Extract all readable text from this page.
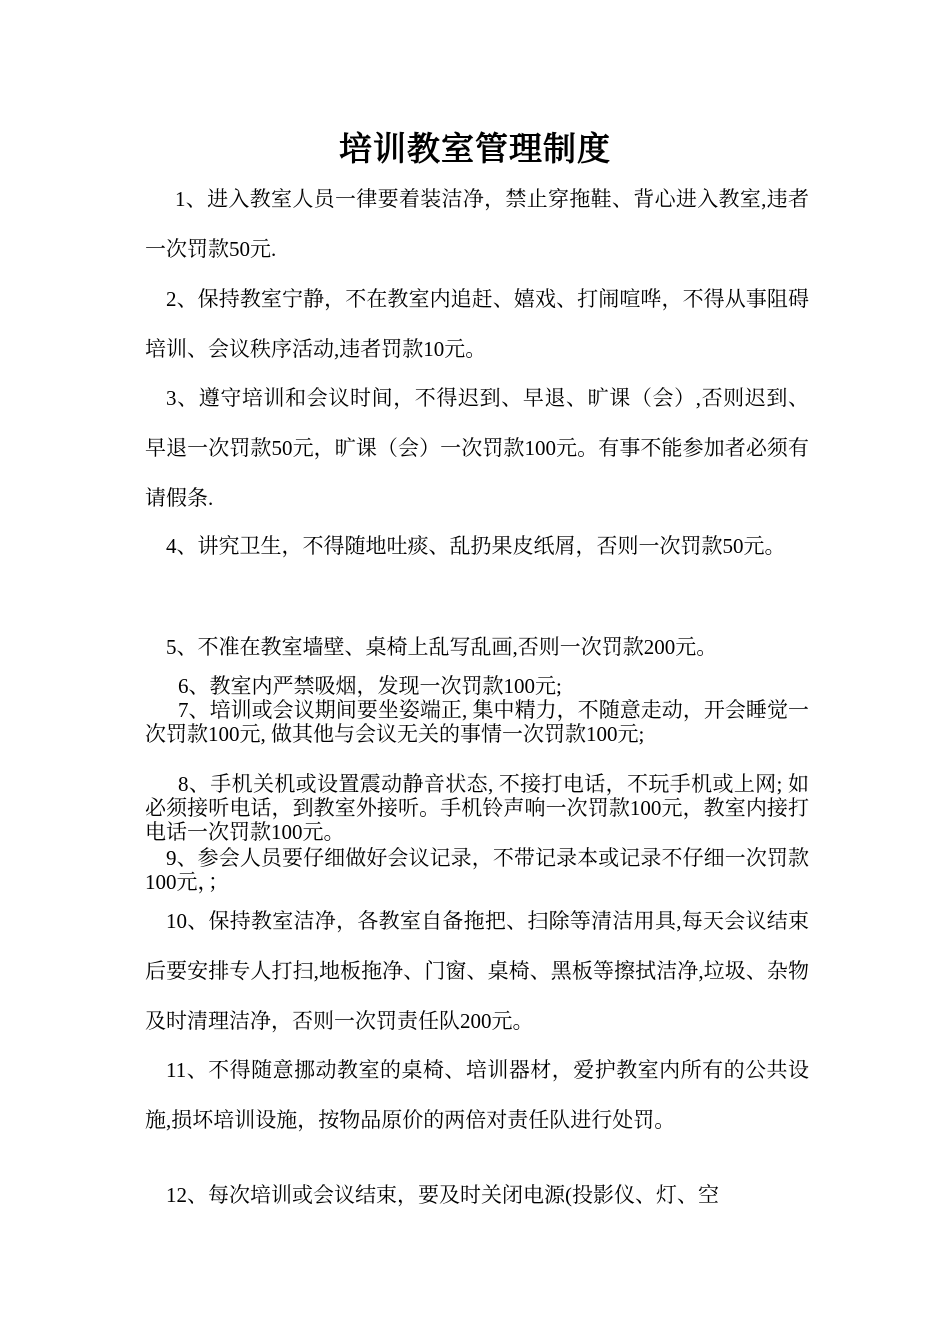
培训教室管理制度
1、进入教室人员一律要着装洁净，禁止穿拖鞋、背心进入教室,违者一次罚款50元.
2、保持教室宁静，不在教室内追赶、嬉戏、打闹喧哗，不得从事阻碍培训、会议秩序活动,违者罚款10元。
3、遵守培训和会议时间，不得迟到、早退、旷课（会）,否则迟到、早退一次罚款50元，旷课（会）一次罚款100元。有事不能参加者必须有请假条.
4、讲究卫生，不得随地吐痰、乱扔果皮纸屑，否则一次罚款50元。
5、不准在教室墙壁、桌椅上乱写乱画,否则一次罚款200元。
6、教室内严禁吸烟，发现一次罚款100元;
7、培训或会议期间要坐姿端正, 集中精力，不随意走动，开会睡觉一次罚款100元, 做其他与会议无关的事情一次罚款100元;
8、手机关机或设置震动静音状态, 不接打电话，不玩手机或上网; 如必须接听电话，到教室外接听。手机铃声响一次罚款100元，教室内接打电话一次罚款100元。
9、参会人员要仔细做好会议记录，不带记录本或记录不仔细一次罚款100元，；
10、保持教室洁净，各教室自备拖把、扫除等清洁用具,每天会议结束后要安排专人打扫,地板拖净、门窗、桌椅、黑板等擦拭洁净,垃圾、杂物及时清理洁净，否则一次罚责任队200元。
11、不得随意挪动教室的桌椅、培训器材，爱护教室内所有的公共设施,损坏培训设施，按物品原价的两倍对责任队进行处罚。
12、每次培训或会议结束，要及时关闭电源(投影仪、灯、空
